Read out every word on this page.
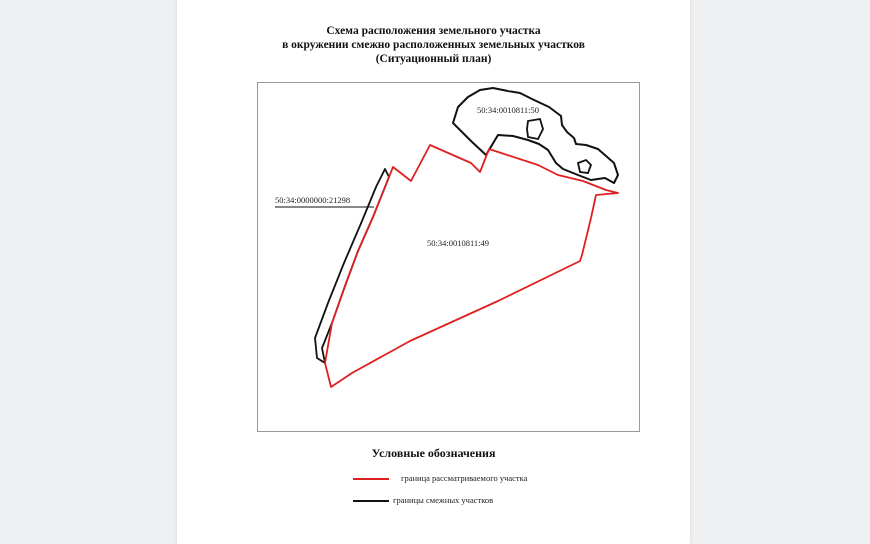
Схема расположения земельного участка
в окружении смежно расположенных земельных участков
(Ситуационный план)
50:34:0010811:50
50:34:0000000:21298
50:34:0010811:49
Условные обозначения
граница рассматриваемого участка
границы смежных участков
